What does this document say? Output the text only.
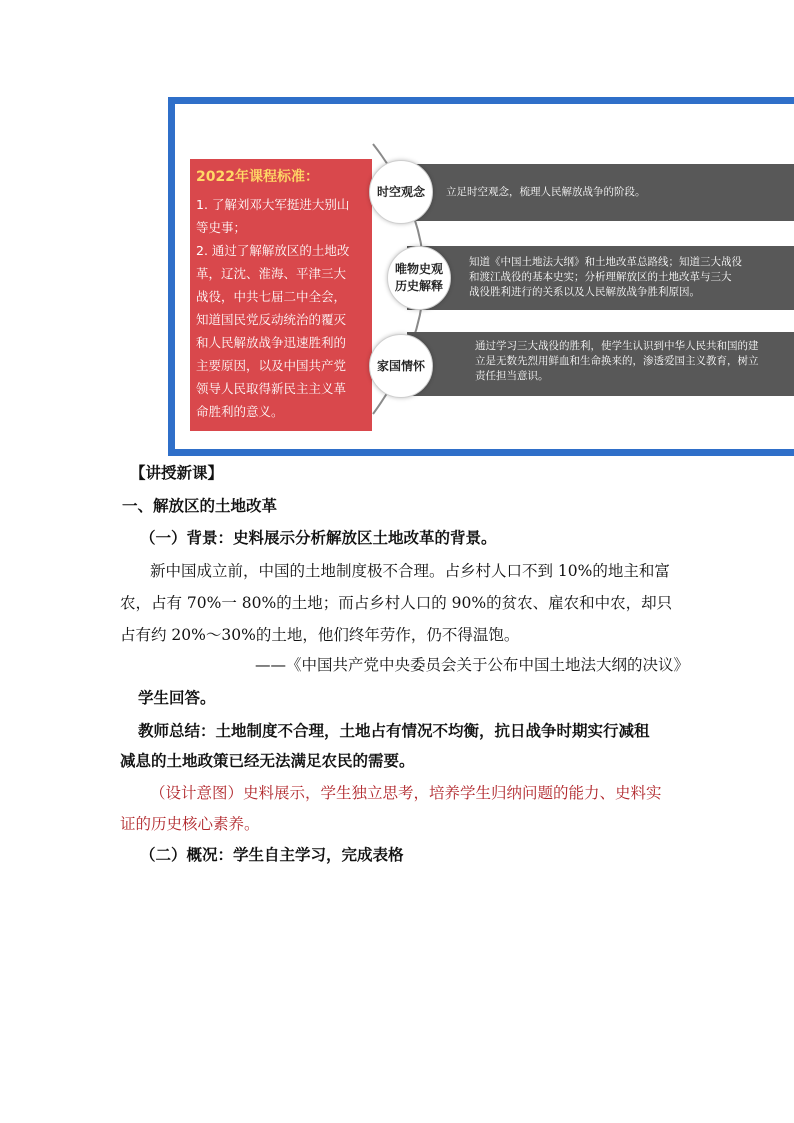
2022年课程标准：
1. 了解刘邓大军挺进大别山
等史事；
2. 通过了解解放区的土地改
革，辽沈、淮海、平津三大
战役，中共七届二中全会，
知道国民党反动统治的覆灭
和人民解放战争迅速胜利的
主要原因，以及中国共产党
领导人民取得新民主主义革
命胜利的意义。
立足时空观念，梳理人民解放战争的阶段。
知道《中国土地法大纲》和土地改革总路线；知道三大战役
和渡江战役的基本史实；分析理解放区的土地改革与三大
战役胜利进行的关系以及人民解放战争胜利原因。
通过学习三大战役的胜利，使学生认识到中华人民共和国的建
立是无数先烈用鲜血和生命换来的，渗透爱国主义教育，树立
责任担当意识。
时空观念
唯物史观
历史解释
家国情怀
【讲授新课】
一、解放区的土地改革
（一）背景：史料展示分析解放区土地改革的背景。
新中国成立前，中国的土地制度极不合理。占乡村人口不到 10%的地主和富
农，占有 70%一 80%的土地；而占乡村人口的 90%的贫农、雇农和中农，却只
占有约 20%～30%的土地，他们终年劳作，仍不得温饱。
——《中国共产党中央委员会关于公布中国土地法大纲的决议》
学生回答。
教师总结：土地制度不合理，土地占有情况不均衡，抗日战争时期实行减租
减息的土地政策已经无法满足农民的需要。
（设计意图）史料展示，学生独立思考，培养学生归纳问题的能力、史料实
证的历史核心素养。
（二）概况：学生自主学习，完成表格
